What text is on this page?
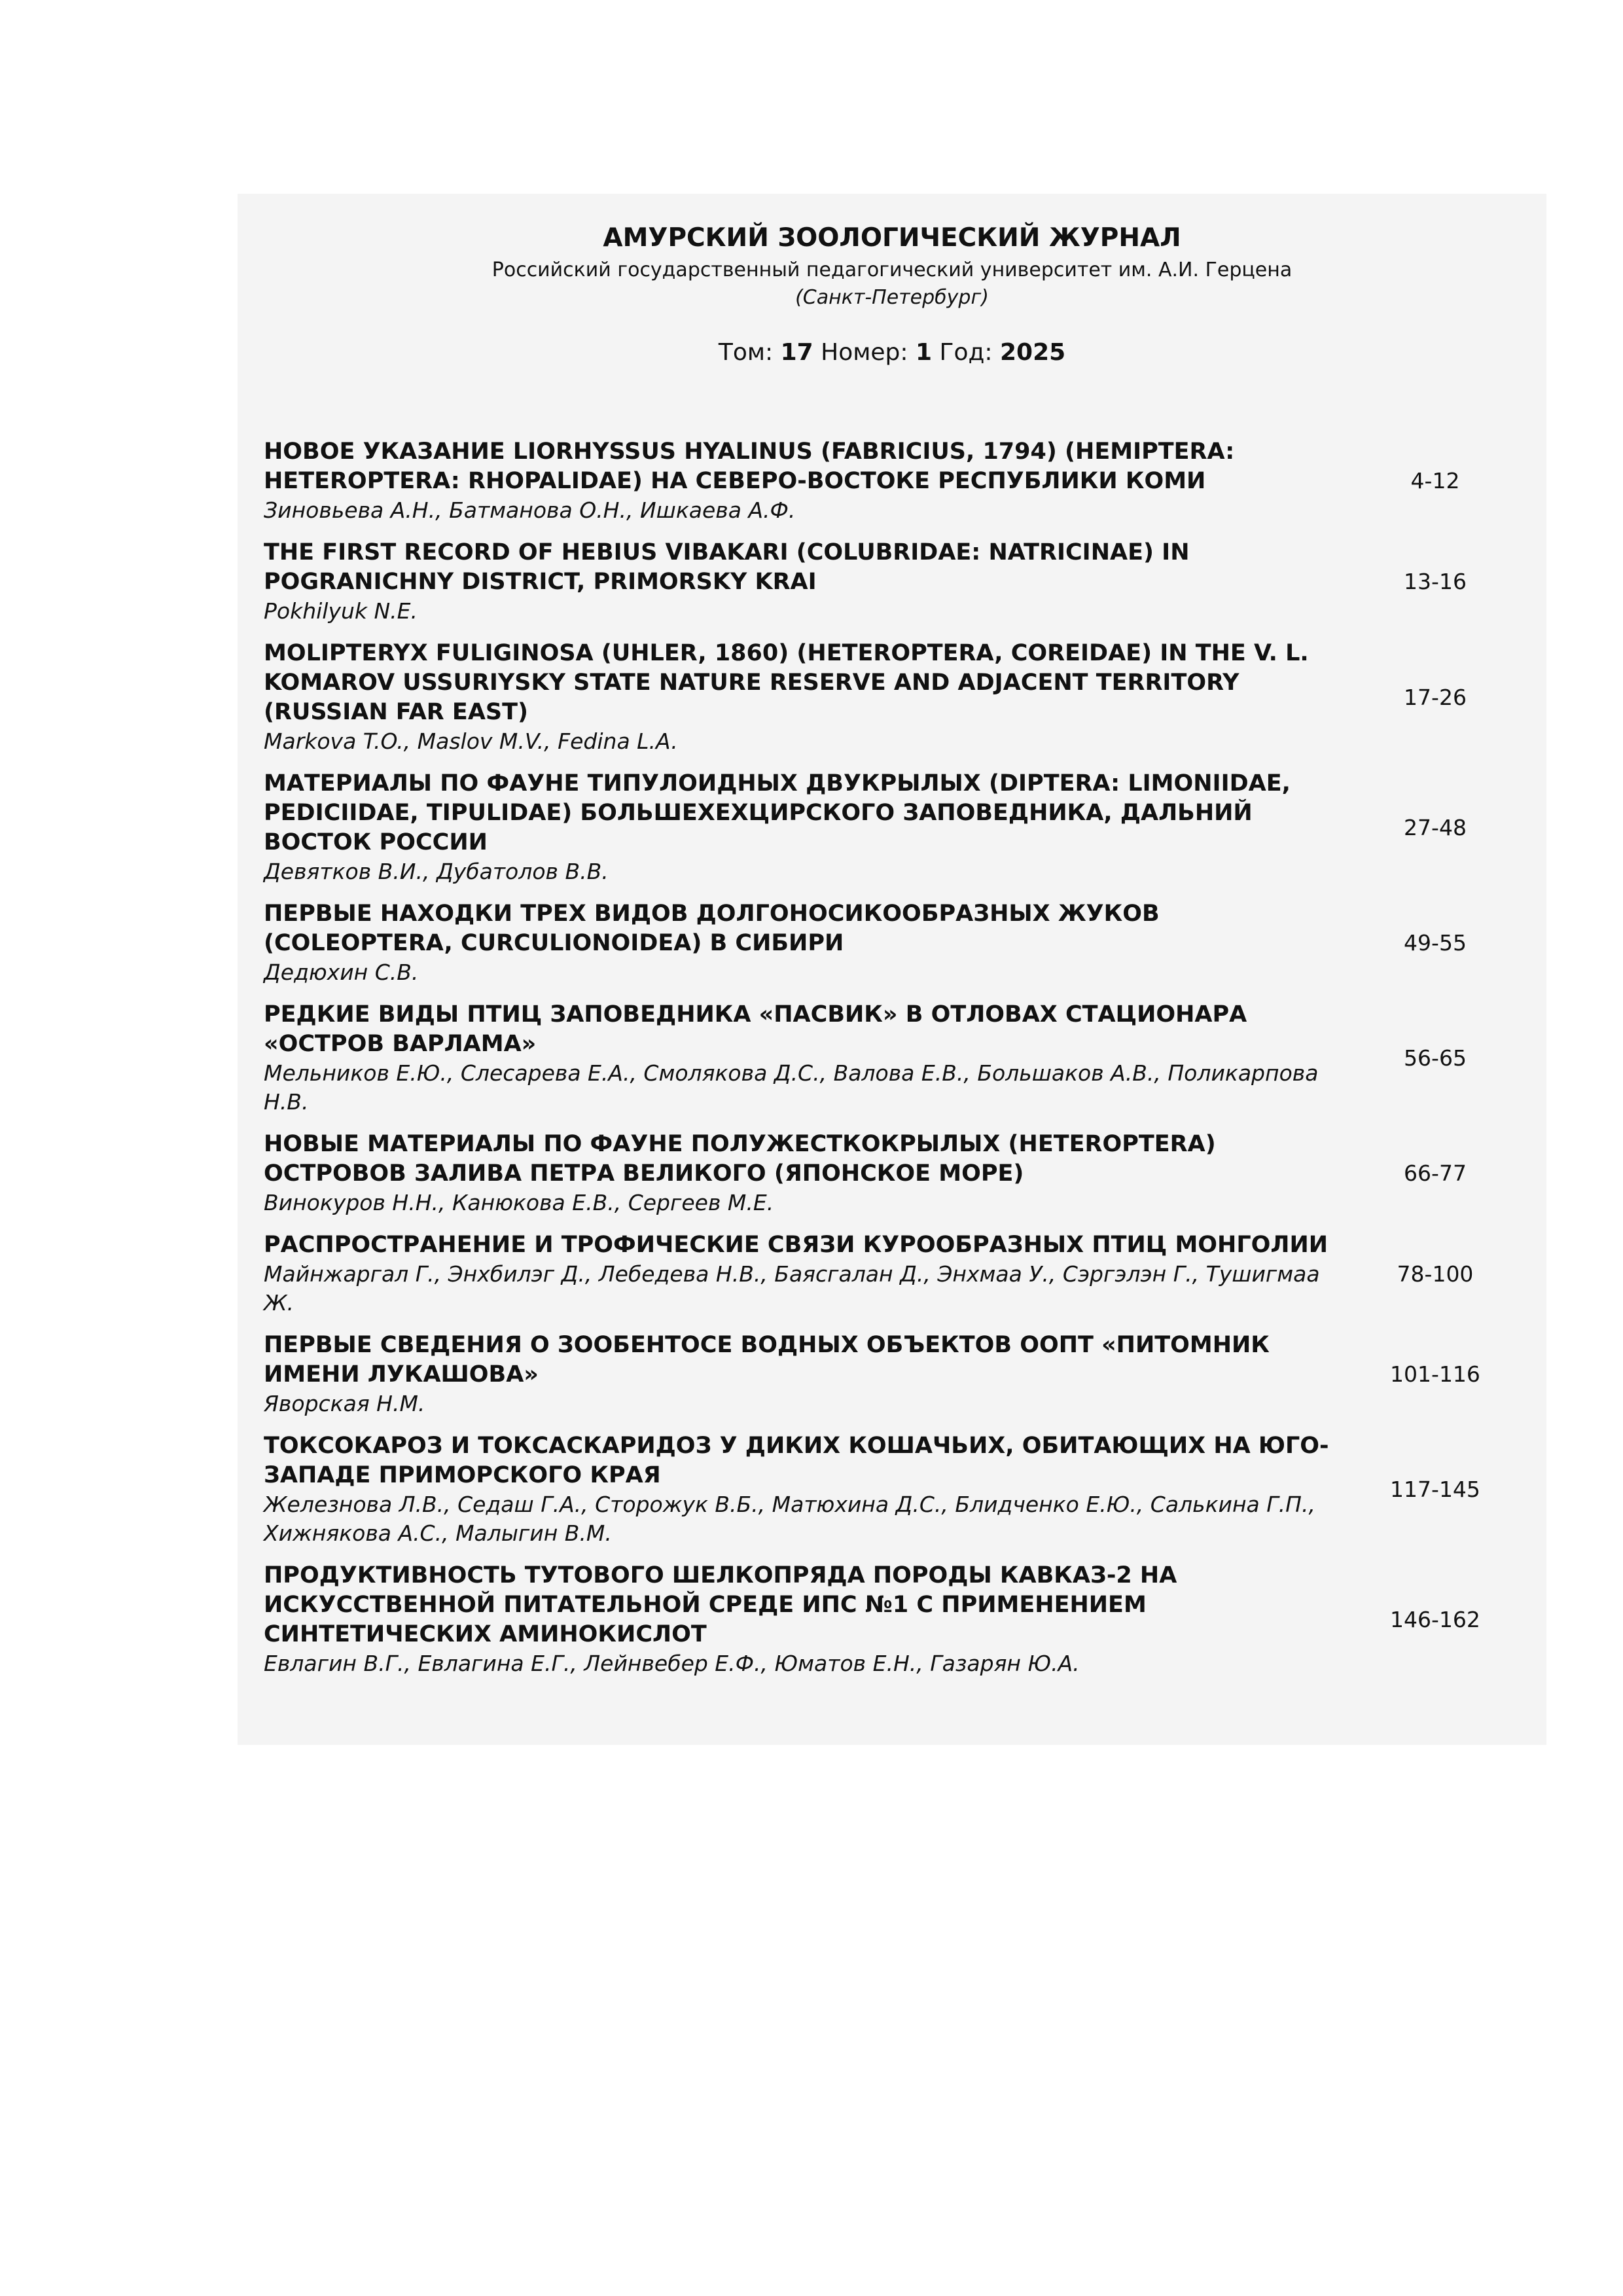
АМУРСКИЙ ЗООЛОГИЧЕСКИЙ ЖУРНАЛ

Российский государственный педагогический университет им. А.И. Герцена

(Санкт-Петербург)

Том: 17 Номер: 1 Год: 2025
НОВОЕ УКАЗАНИЕ LIORHYSSUS HYALINUS (FABRICIUS, 1794) (HEMIPTERA: HETEROPTERA: RHOPALIDAE) НА СЕВЕРО-ВОСТОКЕ РЕСПУБЛИКИ КОМИ
Зиновьева А.Н., Батманова О.Н., Ишкаева А.Ф.
4-12
THE FIRST RECORD OF HEBIUS VIBAKARI (COLUBRIDAE: NATRICINAE) IN POGRANICHNY DISTRICT, PRIMORSKY KRAI
Pokhilyuk N.E.
13-16
MOLIPTERYX FULIGINOSA (UHLER, 1860) (HETEROPTERA, COREIDAE) IN THE V. L. KOMAROV USSURIYSKY STATE NATURE RESERVE AND ADJACENT TERRITORY (RUSSIAN FAR EAST)
Markova T.O., Maslov M.V., Fedina L.A.
17-26
МАТЕРИАЛЫ ПО ФАУНЕ ТИПУЛОИДНЫХ ДВУКРЫЛЫХ (DIPTERA: LIMONIIDAE, PEDICIIDAE, TIPULIDAE) БОЛЬШЕХЕХЦИРСКОГО ЗАПОВЕДНИКА, ДАЛЬНИЙ ВОСТОК РОССИИ
Девятков В.И., Дубатолов В.В.
27-48
ПЕРВЫЕ НАХОДКИ ТРЕХ ВИДОВ ДОЛГОНОСИКООБРАЗНЫХ ЖУКОВ (COLEOPTERA, CURCULIONOIDEA) В СИБИРИ
Дедюхин С.В.
49-55
РЕДКИЕ ВИДЫ ПТИЦ ЗАПОВЕДНИКА «ПАСВИК» В ОТЛОВАХ СТАЦИОНАРА «ОСТРОВ ВАРЛАМА»
Мельников Е.Ю., Слесарева Е.А., Смолякова Д.С., Валова Е.В., Большаков А.В., Поликарпова Н.В.
56-65
НОВЫЕ МАТЕРИАЛЫ ПО ФАУНЕ ПОЛУЖЕСТКОКРЫЛЫХ (HETEROPTERA) ОСТРОВОВ ЗАЛИВА ПЕТРА ВЕЛИКОГО (ЯПОНСКОЕ МОРЕ)
Винокуров Н.Н., Канюкова Е.В., Сергеев М.Е.
66-77
РАСПРОСТРАНЕНИЕ И ТРОФИЧЕСКИЕ СВЯЗИ КУРООБРАЗНЫХ ПТИЦ МОНГОЛИИ
Майнжаргал Г., Энхбилэг Д., Лебедева Н.В., Баясгалан Д., Энхмаа У., Сэргэлэн Г., Тушигмаа Ж.
78-100
ПЕРВЫЕ СВЕДЕНИЯ О ЗООБЕНТОСЕ ВОДНЫХ ОБЪЕКТОВ ООПТ «ПИТОМНИК ИМЕНИ ЛУКАШОВА»
Яворская Н.М.
101-116
ТОКСОКАРОЗ И ТОКСАСКАРИДОЗ У ДИКИХ КОШАЧЬИХ, ОБИТАЮЩИХ НА ЮГО-ЗАПАДЕ ПРИМОРСКОГО КРАЯ
Железнова Л.В., Седаш Г.А., Сторожук В.Б., Матюхина Д.С., Блидченко Е.Ю., Салькина Г.П., Хижнякова А.С., Малыгин В.М.
117-145
ПРОДУКТИВНОСТЬ ТУТОВОГО ШЕЛКОПРЯДА ПОРОДЫ КАВКАЗ-2 НА ИСКУССТВЕННОЙ ПИТАТЕЛЬНОЙ СРЕДЕ ИПС №1 С ПРИМЕНЕНИЕМ СИНТЕТИЧЕСКИХ АМИНОКИСЛОТ
Евлагин В.Г., Евлагина Е.Г., Лейнвебер Е.Ф., Юматов Е.Н., Газарян Ю.А.
146-162
